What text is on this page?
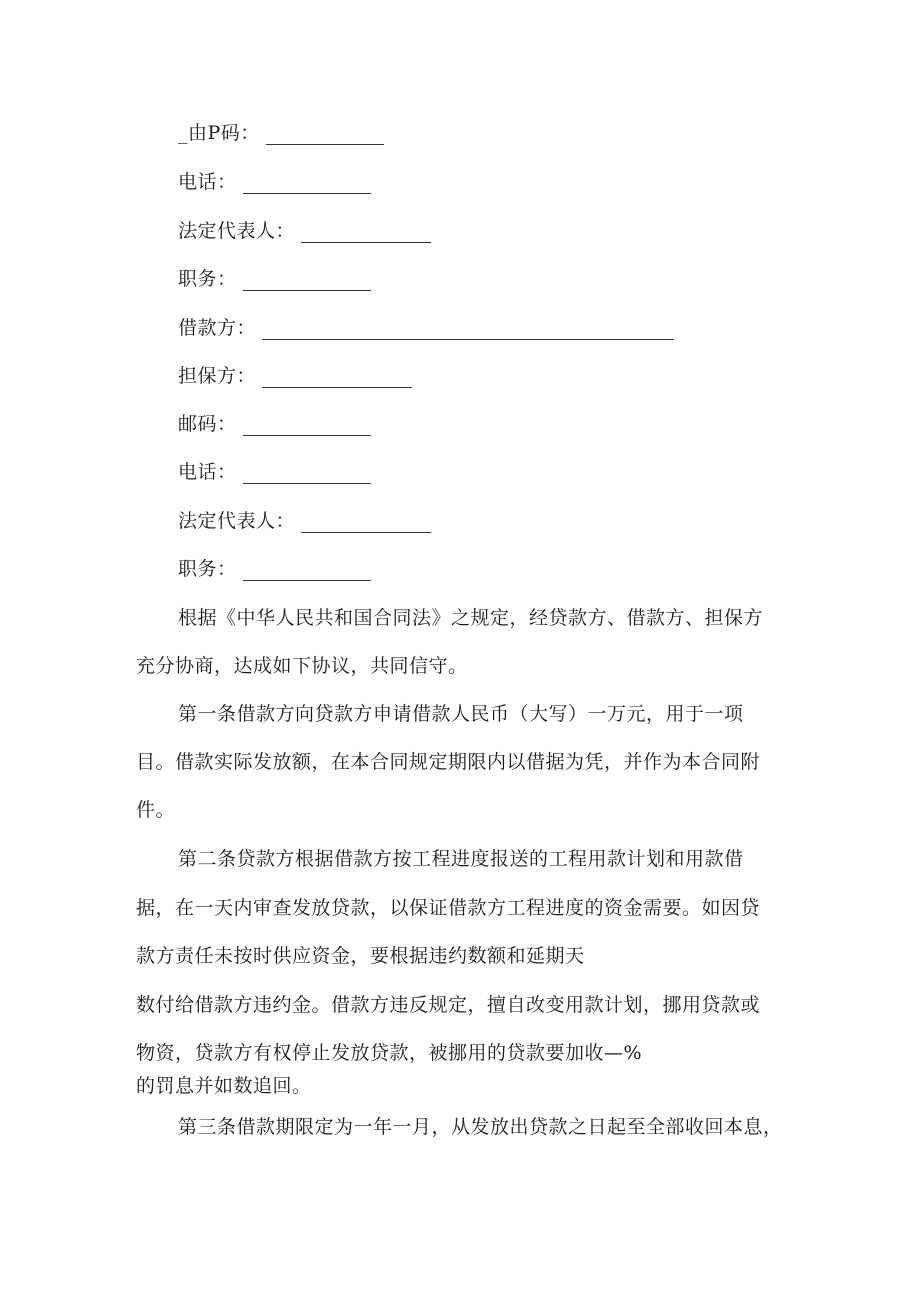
_由P码：
电话：
法定代表人：
职务：
借款方：
担保方：
邮码：
电话：
法定代表人：
职务：
根据《中华人民共和国合同法》之规定，经贷款方、借款方、担保方
充分协商，达成如下协议，共同信守。
第一条借款方向贷款方申请借款人民币（大写）一万元，用于一项
目。借款实际发放额，在本合同规定期限内以借据为凭，并作为本合同附
件。
第二条贷款方根据借款方按工程进度报送的工程用款计划和用款借
据，在一天内审查发放贷款，以保证借款方工程进度的资金需要。如因贷
款方责任未按时供应资金，要根据违约数额和延期天
数付给借款方违约金。借款方违反规定，擅自改变用款计划，挪用贷款或
物资，贷款方有权停止发放贷款，被挪用的贷款要加收—%
的罚息并如数追回。
第三条借款期限定为一年一月，从发放出贷款之日起至全部收回本息，
